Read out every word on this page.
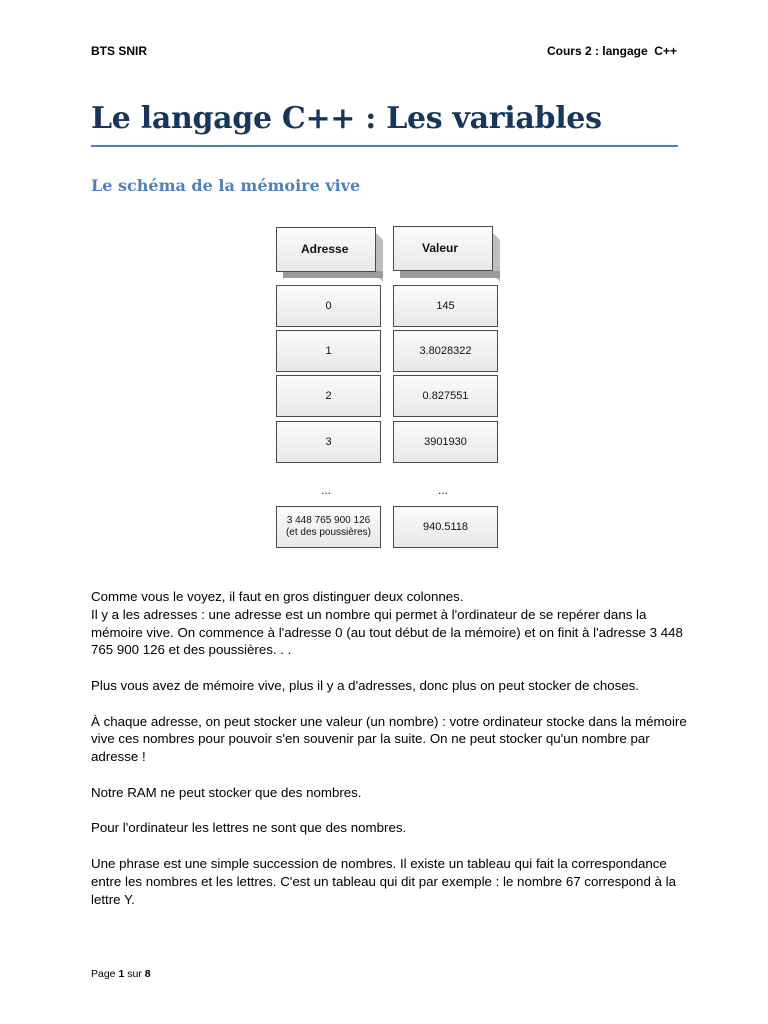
BTS SNIR	Cours 2 : langage  C++
Le langage C++ : Les variables
Le schéma de la mémoire vive
Adresse	Valeur
0	145
1	3.8028322
2	0.827551
3	3901930
...	...
3 448 765 900 126
(et des poussières)	940.5118

Comme vous le voyez, il faut en gros distinguer deux colonnes.
Il y a les adresses : une adresse est un nombre qui permet à l'ordinateur de se repérer dans la mémoire vive. On commence à l'adresse 0 (au tout début de la mémoire) et on finit à l'adresse 3 448 765 900 126 et des poussières. . .

Plus vous avez de mémoire vive, plus il y a d'adresses, donc plus on peut stocker de choses.

À chaque adresse, on peut stocker une valeur (un nombre) : votre ordinateur stocke dans la mémoire vive ces nombres pour pouvoir s'en souvenir par la suite. On ne peut stocker qu'un nombre par adresse !

Notre RAM ne peut stocker que des nombres.

Pour l'ordinateur les lettres ne sont que des nombres.

Une phrase est une simple succession de nombres. Il existe un tableau qui fait la correspondance entre les nombres et les lettres. C'est un tableau qui dit par exemple : le nombre 67 correspond à la lettre Y.

Page 1 sur 8
